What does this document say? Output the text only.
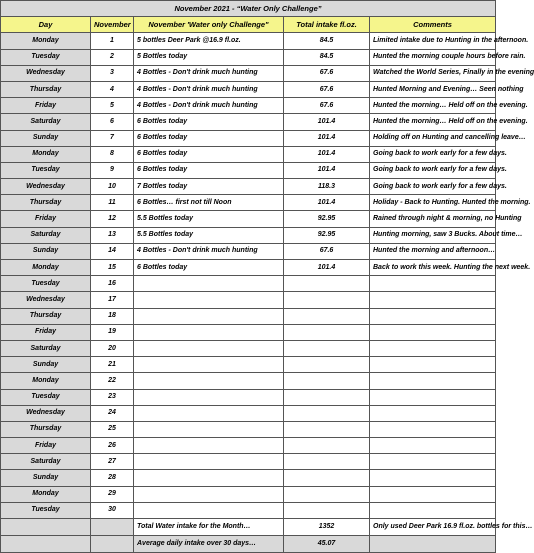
November 2021 - “Water Only Challenge”				
Day	November	November 'Water only Challenge"	Total intake fl.oz.	Comments
Monday	1	5 bottles Deer Park @16.9 fl.oz.	84.5	Limited intake due to Hunting in the afternoon.
Tuesday	2	5 Bottles today	84.5	Hunted the morning couple hours before rain.
Wednesday	3	4 Bottles - Don't drink much hunting	67.6	Watched the World Series, Finally in the evening
Thursday	4	4 Bottles - Don't drink much hunting	67.6	Hunted Morning and Evening… Seen nothing
Friday	5	4 Bottles - Don't drink much hunting	67.6	Hunted the morning… Held off on the evening.
Saturday	6	6 Bottles today	101.4	Hunted the morning… Held off on the evening.
Sunday	7	6 Bottles today	101.4	Holding off on Hunting and cancelling leave…
Monday	8	6 Bottles today	101.4	Going back to work early for a few days.
Tuesday	9	6 Bottles today	101.4	Going back to work early for a few days.
Wednesday	10	7 Bottles today	118.3	Going back to work early for a few days.
Thursday	11	6 Bottles… first not till Noon	101.4	Holiday - Back to Hunting. Hunted the morning.
Friday	12	5.5 Bottles today	92.95	Rained through night & morning, no Hunting
Saturday	13	5.5 Bottles today	92.95	Hunting morning, saw 3 Bucks. About time…
Sunday	14	4 Bottles - Don't drink much hunting	67.6	Hunted the morning and afternoon…
Monday	15	6 Bottles today	101.4	Back to work this week. Hunting the next week.
Tuesday	16			
Wednesday	17			
Thursday	18			
Friday	19			
Saturday	20			
Sunday	21			
Monday	22			
Tuesday	23			
Wednesday	24			
Thursday	25			
Friday	26			
Saturday	27			
Sunday	28			
Monday	29			
Tuesday	30			
		Total Water intake for the Month…	1352	Only used Deer Park 16.9 fl.oz. bottles for this…
		Average daily intake over 30 days…	45.07	
